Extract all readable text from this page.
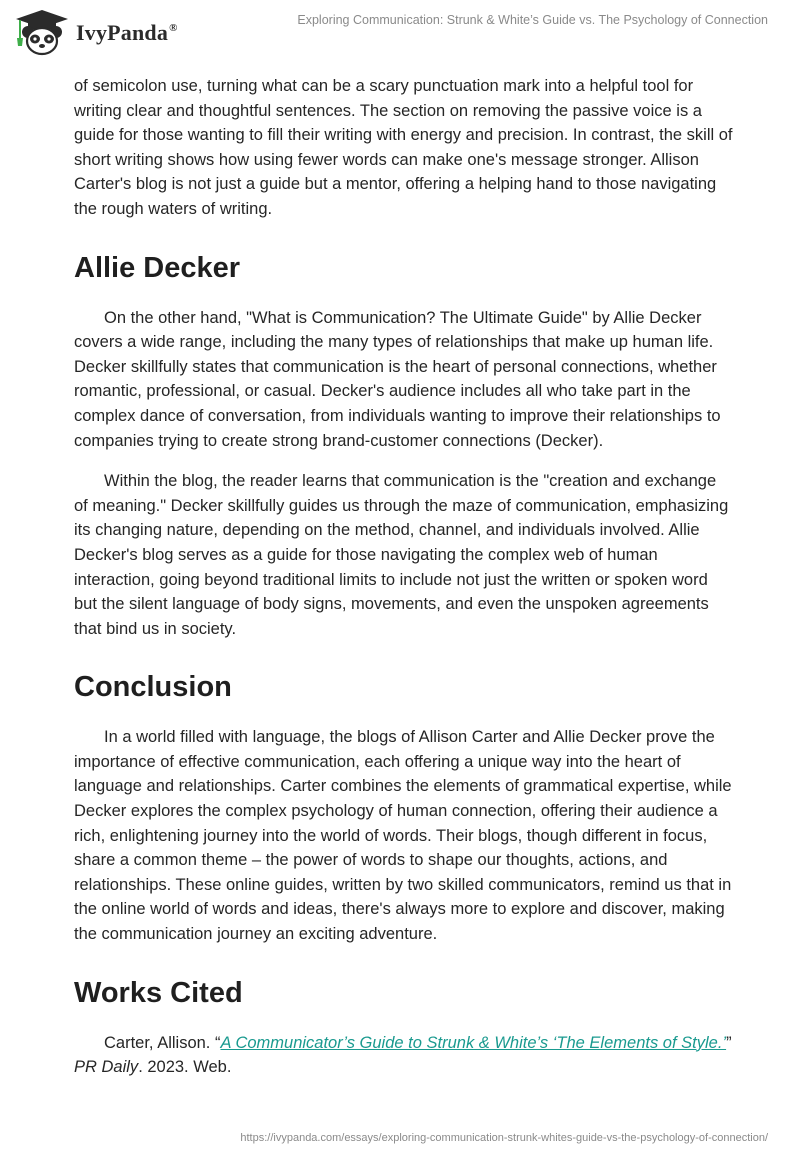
IvyPanda®
Exploring Communication: Strunk & White’s Guide vs. The Psychology of Connection

of semicolon use, turning what can be a scary punctuation mark into a helpful tool for writing clear and thoughtful sentences. The section on removing the passive voice is a guide for those wanting to fill their writing with energy and precision. In contrast, the skill of short writing shows how using fewer words can make one's message stronger. Allison Carter's blog is not just a guide but a mentor, offering a helping hand to those navigating the rough waters of writing.

Allie Decker

On the other hand, "What is Communication? The Ultimate Guide" by Allie Decker covers a wide range, including the many types of relationships that make up human life. Decker skillfully states that communication is the heart of personal connections, whether romantic, professional, or casual. Decker's audience includes all who take part in the complex dance of conversation, from individuals wanting to improve their relationships to companies trying to create strong brand-customer connections (Decker).

Within the blog, the reader learns that communication is the "creation and exchange of meaning." Decker skillfully guides us through the maze of communication, emphasizing its changing nature, depending on the method, channel, and individuals involved. Allie Decker's blog serves as a guide for those navigating the complex web of human interaction, going beyond traditional limits to include not just the written or spoken word but the silent language of body signs, movements, and even the unspoken agreements that bind us in society.

Conclusion

In a world filled with language, the blogs of Allison Carter and Allie Decker prove the importance of effective communication, each offering a unique way into the heart of language and relationships. Carter combines the elements of grammatical expertise, while Decker explores the complex psychology of human connection, offering their audience a rich, enlightening journey into the world of words. Their blogs, though different in focus, share a common theme – the power of words to shape our thoughts, actions, and relationships. These online guides, written by two skilled communicators, remind us that in the online world of words and ideas, there's always more to explore and discover, making the communication journey an exciting adventure.

Works Cited

Carter, Allison. “A Communicator’s Guide to Strunk & White’s ‘The Elements of Style.’” PR Daily. 2023. Web.

https://ivypanda.com/essays/exploring-communication-strunk-whites-guide-vs-the-psychology-of-connection/
